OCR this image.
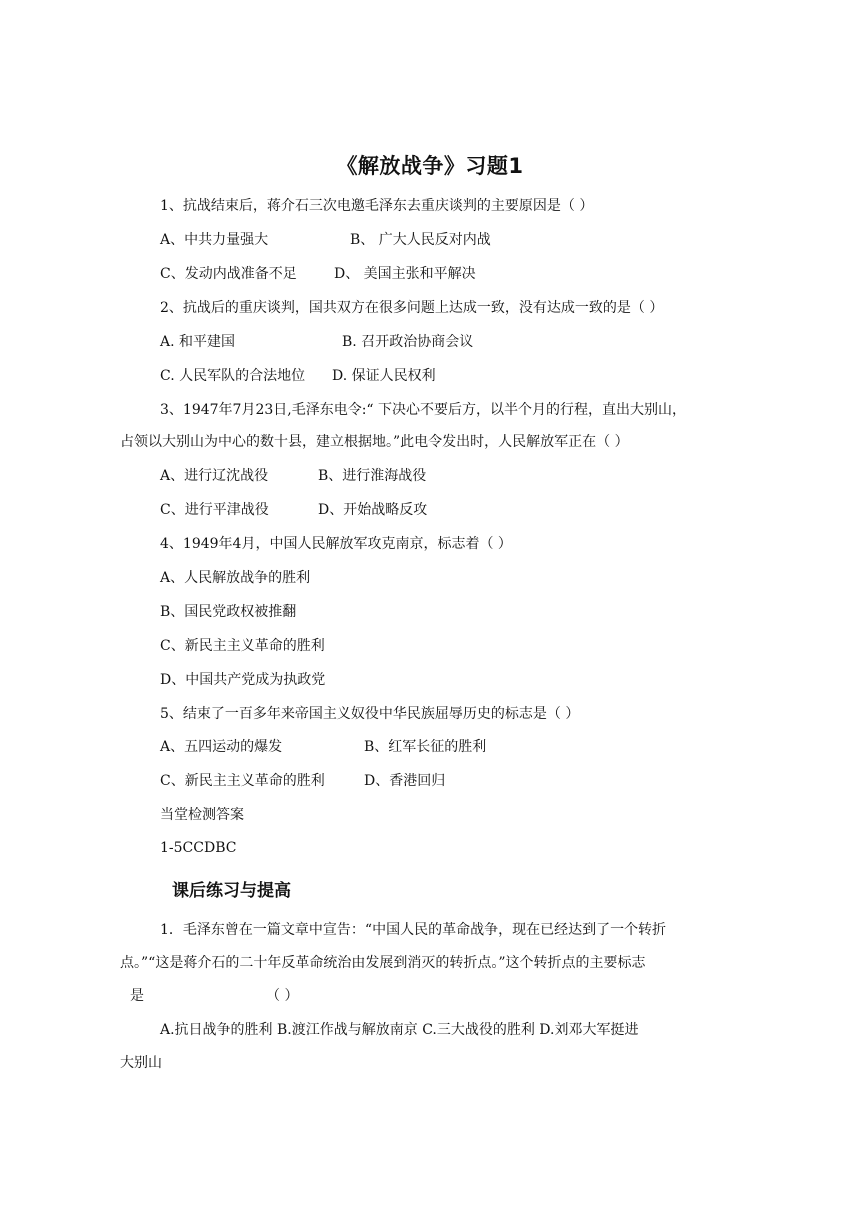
《解放战争》习题1
1、抗战结束后，蒋介石三次电邀毛泽东去重庆谈判的主要原因是（ ）
A、中共力量强大	B、 广大人民反对内战
C、发动内战准备不足	D、 美国主张和平解决
2、抗战后的重庆谈判，国共双方在很多问题上达成一致，没有达成一致的是（ ）
A. 和平建国	B. 召开政治协商会议
C. 人民军队的合法地位 D. 保证人民权利
3、1947年7月23日,毛泽东电令:“ 下决心不要后方，以半个月的行程，直出大别山，
占领以大别山为中心的数十县，建立根据地。”此电令发出时，人民解放军正在（ ）
A、进行辽沈战役	B、进行淮海战役
C、进行平津战役	D、开始战略反攻
4、1949年4月，中国人民解放军攻克南京，标志着（ ）
A、人民解放战争的胜利
B、国民党政权被推翻
C、新民主主义革命的胜利
D、中国共产党成为执政党
5、结束了一百多年来帝国主义奴役中华民族屈辱历史的标志是（ ）
A、五四运动的爆发	B、红军长征的胜利
C、新民主主义革命的胜利	D、香港回归
当堂检测答案
1-5CCDBC
课后练习与提高
1．毛泽东曾在一篇文章中宣告：“中国人民的革命战争，现在已经达到了一个转折
点。”“这是蒋介石的二十年反革命统治由发展到消灭的转折点。”这个转折点的主要标志
是	（ ）
A.抗日战争的胜利 B.渡江作战与解放南京 C.三大战役的胜利 D.刘邓大军挺进
大别山
